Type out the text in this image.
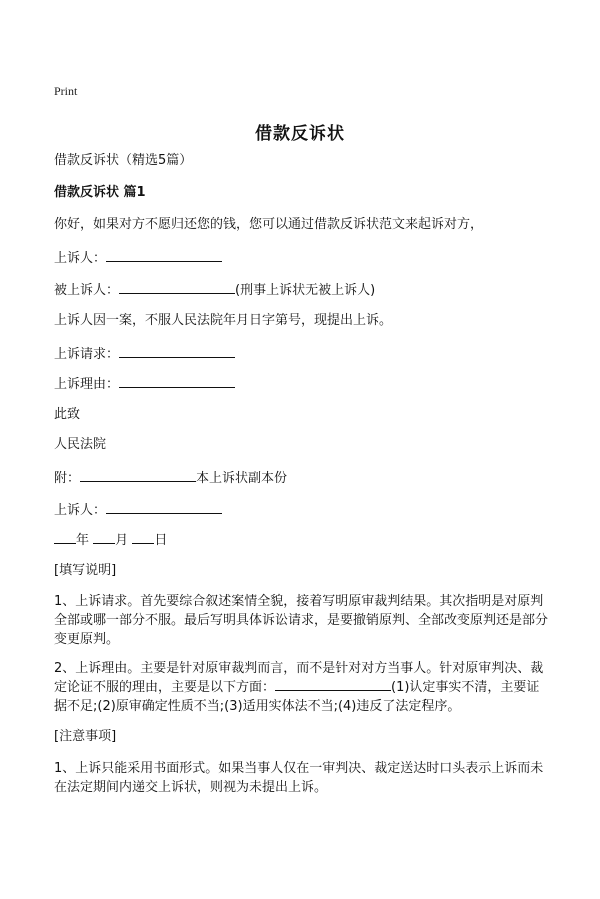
Print
借款反诉状
借款反诉状（精选5篇）
借款反诉状 篇1
你好，如果对方不愿归还您的钱，您可以通过借款反诉状范文来起诉对方，
上诉人：
被上诉人：	(刑事上诉状无被上诉人)
上诉人因一案，不服人民法院年月日字第号，现提出上诉。
上诉请求：
上诉理由：
此致
人民法院
附：	本上诉状副本份
上诉人：
年 月 日
[填写说明]
1、上诉请求。首先要综合叙述案情全貌，接着写明原审裁判结果。其次指明是对原判全部或哪一部分不服。最后写明具体诉讼请求，是要撤销原判、全部改变原判还是部分变更原判。
2、上诉理由。主要是针对原审裁判而言，而不是针对对方当事人。针对原审判决、裁定论证不服的理由，主要是以下方面：	(1)认定事实不清，主要证据不足;(2)原审确定性质不当;(3)适用实体法不当;(4)违反了法定程序。
[注意事项]
1、上诉只能采用书面形式。如果当事人仅在一审判决、裁定送达时口头表示上诉而未在法定期间内递交上诉状，则视为未提出上诉。
